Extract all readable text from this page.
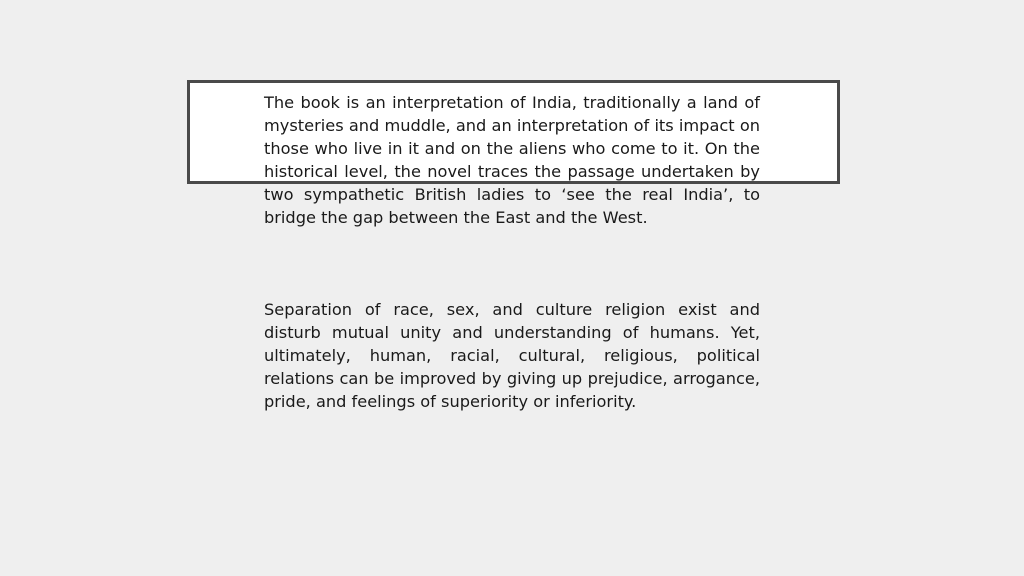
The book is an interpretation of India, traditionally a land of mysteries and muddle, and an interpretation of its impact on those who live in it and on the aliens who come to it. On the historical level, the novel traces the passage undertaken by two sympathetic British ladies to ‘see the real India’, to bridge the gap between the East and the West.

Separation of race, sex, and culture religion exist and disturb mutual unity and understanding of humans. Yet, ultimately, human, racial, cultural, religious, political relations can be improved by giving up prejudice, arrogance, pride, and feelings of superiority or inferiority.
